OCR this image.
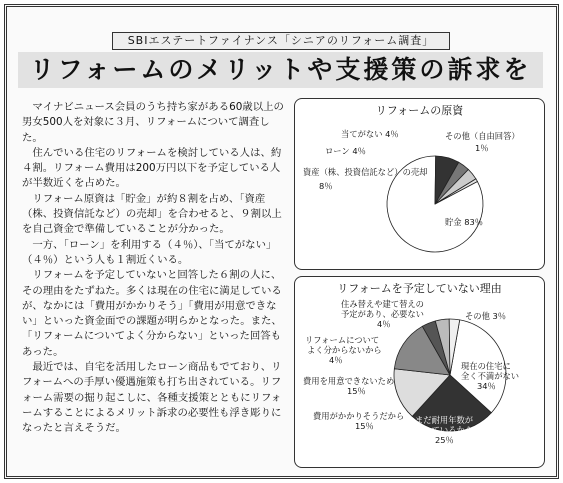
SBIエステートファイナンス「シニアのリフォーム調査」
リフォームのメリットや支援策の訴求を

マイナビニュース会員のうち持ち家がある60歳以上の男女500人を対象に３月、リフォームについて調査した。

住んでいる住宅のリフォームを検討している人は、約４割。リフォーム費用は200万円以下を予定している人が半数近くを占めた。

リフォーム原資は「貯金」が約８割を占め、「資産（株、投資信託など）の売却」を合わせると、９割以上を自己資金で準備していることが分かった。

一方、「ローン」を利用する（４％）、「当てがない」（４％）という人も１割近くいる。

リフォームを予定していないと回答した６割の人に、その理由をたずねた。多くは現在の住宅に満足しているが、なかには「費用がかかりそう」「費用が用意できない」といった資金面での課題が明らかとなった。また、「リフォームについてよく分からない」といった回答もあった。

最近では、自宅を活用したローン商品もでており、リフォームへの手厚い優遇施策も打ち出されている。リフォーム需要の掘り起こしに、各種支援策とともにリフォームすることによるメリット訴求の必要性も浮き彫りになったと言えそうだ。

リフォームの原資
貯金 83％
資産（株、投資信託など）の売却
8％
ローン 4％
当てがない 4％	その他（自由回答）
1％
リフォームを予定していない理由
現在の住宅に
全く不満がない
34％
まだ耐用年数が
残っているから
25％
費用がかかりそうだから
15％
費用を用意できないため
15％
リフォームについて
よく分からないから
4％
住み替えや建て替えの
予定があり、必要ない
4％
その他 3％
